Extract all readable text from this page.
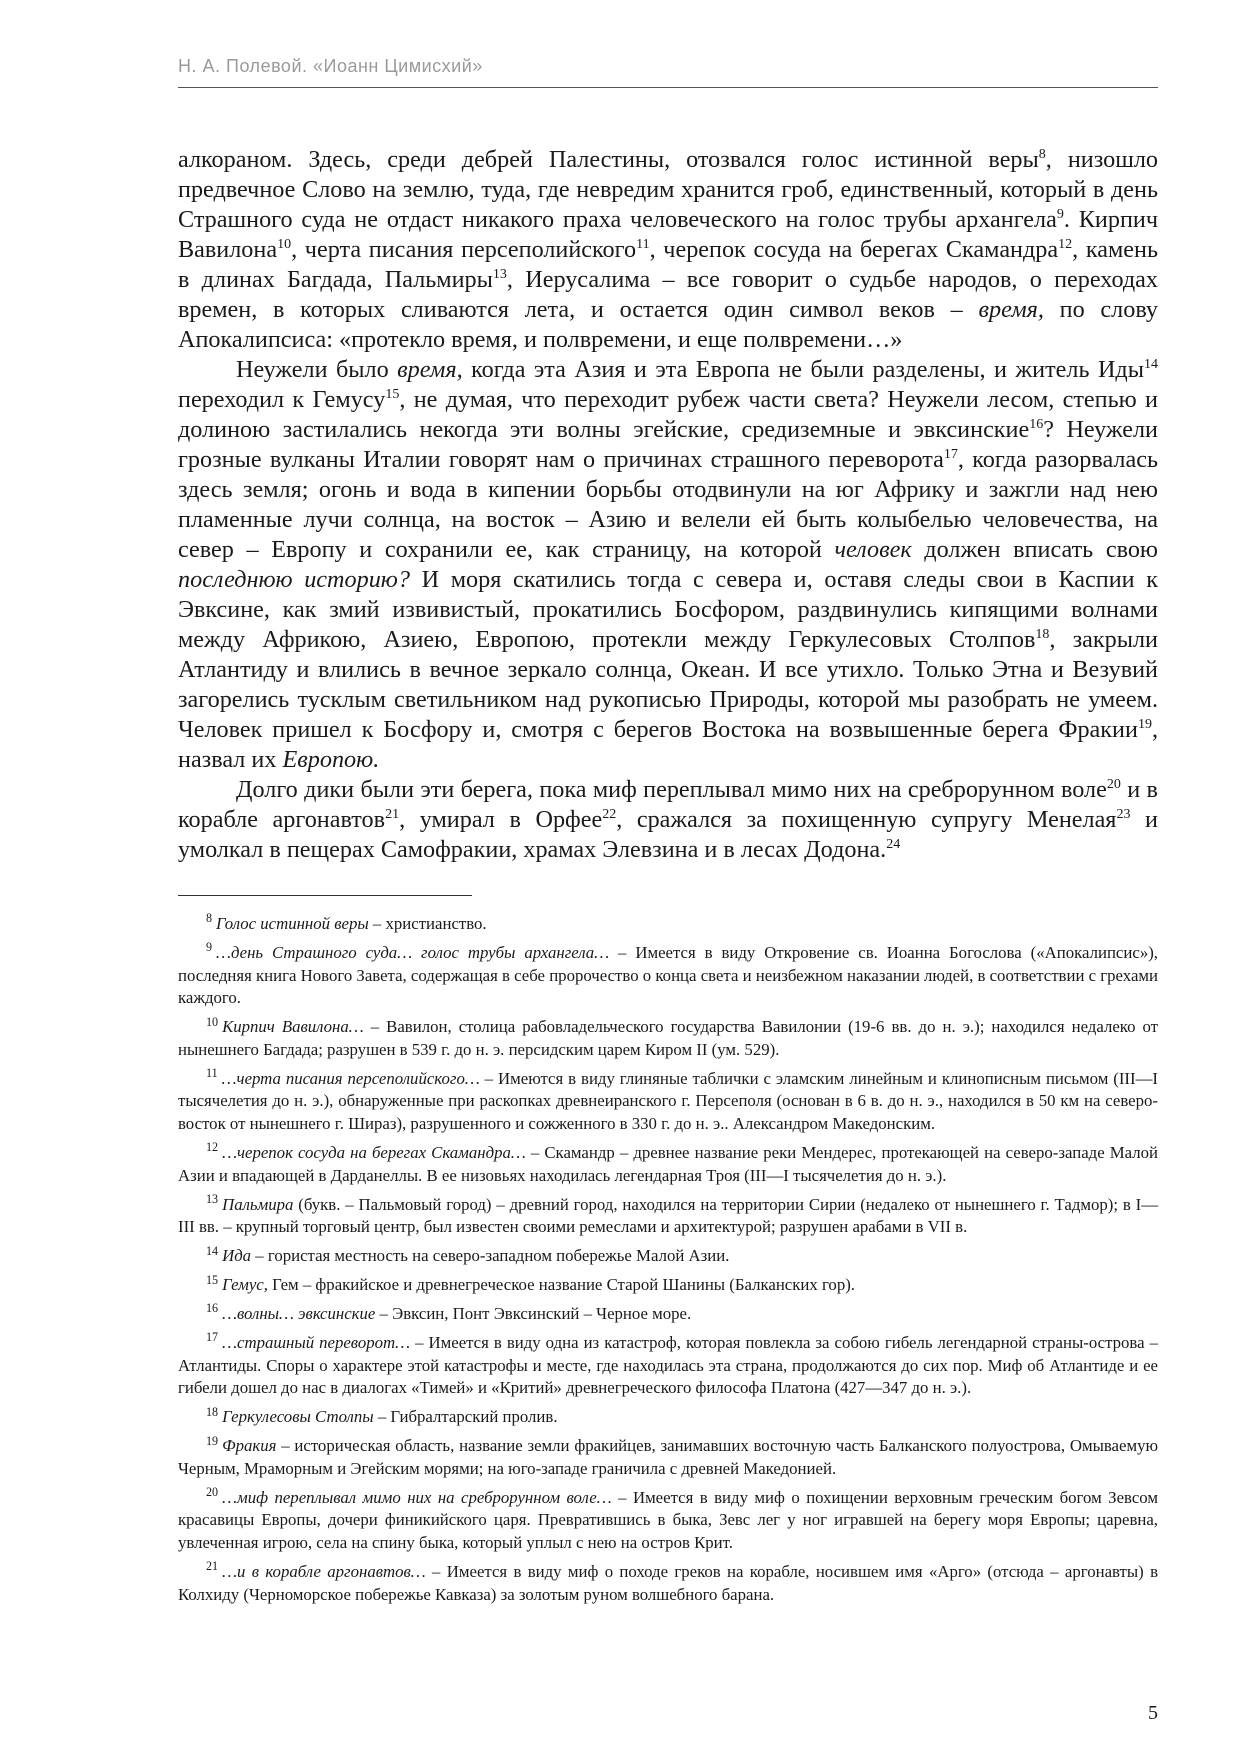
Н. А. Полевой. «Иоанн Цимисхий»

алкораном. Здесь, среди дебрей Палестины, отозвался голос истинной веры$^8$, низошло предвечное Слово на землю, туда, где невредим хранится гроб, единственный, который в день Страшного суда не отдаст никакого праха человеческого на голос трубы архангела$^9$. Кирпич Вавилона$^{10}$, черта писания персеполийского$^{11}$, черепок сосуда на берегах Скамандра$^{12}$, камень в длинах Багдада, Пальмиры$^{13}$, Иерусалима – все говорит о судьбе народов, о переходах времен, в которых сливаются лета, и остается один символ веков – время, по слову Апокалипсиса: «протекло время, и полвремени, и еще полвремени…»

Неужели было время, когда эта Азия и эта Европа не были разделены, и житель Иды$^{14}$ переходил к Гемусу$^{15}$, не думая, что переходит рубеж части света? Неужели лесом, степью и долиною застилались некогда эти волны эгейские, средиземные и эвксинские$^{16}$? Неужели грозные вулканы Италии говорят нам о причинах страшного переворота$^{17}$, когда разорвалась здесь земля; огонь и вода в кипении борьбы отодвинули на юг Африку и зажгли над нею пламенные лучи солнца, на восток – Азию и велели ей быть колыбелью человечества, на север – Европу и сохранили ее, как страницу, на которой человек должен вписать свою последнюю историю? И моря скатились тогда с севера и, оставя следы свои в Каспии к Эвксине, как змий извивистый, прокатились Босфором, раздвинулись кипящими волнами между Африкою, Азиею, Европою, протекли между Геркулесовых Столпов$^{18}$, закрыли Атлантиду и влились в вечное зеркало солнца, Океан. И все утихло. Только Этна и Везувий загорелись тусклым светильником над рукописью Природы, которой мы разобрать не умеем. Человек пришел к Босфору и, смотря с берегов Востока на возвышенные берега Фракии$^{19}$, назвал их Европою.

Долго дики были эти берега, пока миф переплывал мимо них на среброрунном воле$^{20}$ и в корабле аргонавтов$^{21}$, умирал в Орфее$^{22}$, сражался за похищенную супругу Менелая$^{23}$ и умолкал в пещерах Самофракии, храмах Элевзина и в лесах Додона.$^{24}$

$^8$ Голос истинной веры – христианство.

$^9$ …день Страшного суда… голос трубы архангела… – Имеется в виду Откровение св. Иоанна Богослова («Апокалипсис»), последняя книга Нового Завета, содержащая в себе пророчество о конца света и неизбежном наказании людей, в соответствии с грехами каждого.

$^{10}$ Кирпич Вавилона… – Вавилон, столица рабовладельческого государства Вавилонии (19-6 вв. до н. э.); находился недалеко от нынешнего Багдада; разрушен в 539 г. до н. э. персидским царем Киром II (ум. 529).

$^{11}$ …черта писания персеполийского… – Имеются в виду глиняные таблички с эламским линейным и клинописным письмом (III—I тысячелетия до н. э.), обнаруженные при раскопках древнеиранского г. Персеполя (основан в 6 в. до н. э., находился в 50 км на северо-восток от нынешнего г. Шираз), разрушенного и сожженного в 330 г. до н. э.. Александром Македонским.

$^{12}$ …черепок сосуда на берегах Скамандра… – Скамандр – древнее название реки Мендерес, протекающей на северо-западе Малой Азии и впадающей в Дарданеллы. В ее низовьях находилась легендарная Троя (III—I тысячелетия до н. э.).

$^{13}$ Пальмира (букв. – Пальмовый город) – древний город, находился на территории Сирии (недалеко от нынешнего г. Тадмор); в I—III вв. – крупный торговый центр, был известен своими ремеслами и архитектурой; разрушен арабами в VII в.

$^{14}$ Ида – гористая местность на северо-западном побережье Малой Азии.

$^{15}$ Гемус, Гем – фракийское и древнегреческое название Старой Шанины (Балканских гор).

$^{16}$ …волны… эвксинские – Эвксин, Понт Эвксинский – Черное море.

$^{17}$ …страшный переворот… – Имеется в виду одна из катастроф, которая повлекла за собою гибель легендарной страны-острова – Атлантиды. Споры о характере этой катастрофы и месте, где находилась эта страна, продолжаются до сих пор. Миф об Атлантиде и ее гибели дошел до нас в диалогах «Тимей» и «Критий» древнегреческого философа Платона (427—347 до н. э.).

$^{18}$ Геркулесовы Столпы – Гибралтарский пролив.

$^{19}$ Фракия – историческая область, название земли фракийцев, занимавших восточную часть Балканского полуострова, Омываемую Черным, Мраморным и Эгейским морями; на юго-западе граничила с древней Македонией.

$^{20}$ …миф переплывал мимо них на среброрунном воле… – Имеется в виду миф о похищении верховным греческим богом Зевсом красавицы Европы, дочери финикийского царя. Превратившись в быка, Зевс лег у ног игравшей на берегу моря Европы; царевна, увлеченная игрою, села на спину быка, который уплыл с нею на остров Крит.

$^{21}$ …и в корабле аргонавтов… – Имеется в виду миф о походе греков на корабле, носившем имя «Арго» (отсюда – аргонавты) в Колхиду (Черноморское побережье Кавказа) за золотым руном волшебного барана.

5
